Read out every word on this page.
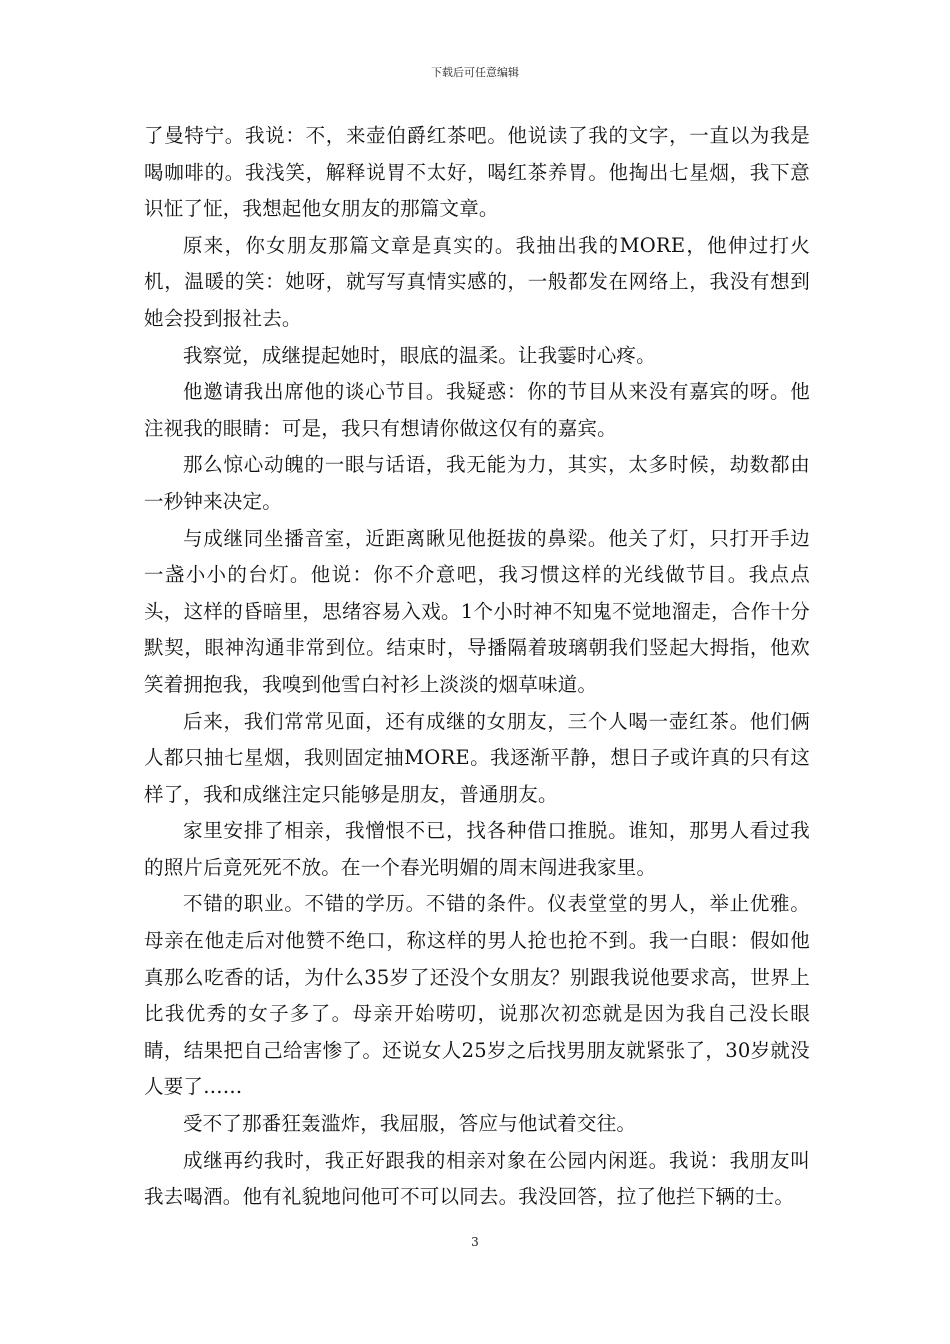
下载后可任意编辑

了曼特宁。我说：不，来壶伯爵红茶吧。他说读了我的文字，一直以为我是喝咖啡的。我浅笑，解释说胃不太好，喝红茶养胃。他掏出七星烟，我下意识怔了怔，我想起他女朋友的那篇文章。

原来，你女朋友那篇文章是真实的。我抽出我的MORE，他伸过打火机，温暖的笑：她呀，就写写真情实感的，一般都发在网络上，我没有想到她会投到报社去。

我察觉，成继提起她时，眼底的温柔。让我霎时心疼。

他邀请我出席他的谈心节目。我疑惑：你的节目从来没有嘉宾的呀。他注视我的眼睛：可是，我只有想请你做这仅有的嘉宾。

那么惊心动魄的一眼与话语，我无能为力，其实，太多时候，劫数都由一秒钟来决定。

与成继同坐播音室，近距离瞅见他挺拔的鼻梁。他关了灯，只打开手边一盏小小的台灯。他说：你不介意吧，我习惯这样的光线做节目。我点点头，这样的昏暗里，思绪容易入戏。1个小时神不知鬼不觉地溜走，合作十分默契，眼神沟通非常到位。结束时，导播隔着玻璃朝我们竖起大拇指，他欢笑着拥抱我，我嗅到他雪白衬衫上淡淡的烟草味道。

后来，我们常常见面，还有成继的女朋友，三个人喝一壶红茶。他们俩人都只抽七星烟，我则固定抽MORE。我逐渐平静，想日子或许真的只有这样了，我和成继注定只能够是朋友，普通朋友。

家里安排了相亲，我憎恨不已，找各种借口推脱。谁知，那男人看过我的照片后竟死死不放。在一个春光明媚的周末闯进我家里。

不错的职业。不错的学历。不错的条件。仪表堂堂的男人，举止优雅。母亲在他走后对他赞不绝口，称这样的男人抢也抢不到。我一白眼：假如他真那么吃香的话，为什么35岁了还没个女朋友？别跟我说他要求高，世界上比我优秀的女子多了。母亲开始唠叨，说那次初恋就是因为我自己没长眼睛，结果把自己给害惨了。还说女人25岁之后找男朋友就紧张了，30岁就没人要了……

受不了那番狂轰滥炸，我屈服，答应与他试着交往。

成继再约我时，我正好跟我的相亲对象在公园内闲逛。我说：我朋友叫我去喝酒。他有礼貌地问他可不可以同去。我没回答，拉了他拦下辆的士。

3
